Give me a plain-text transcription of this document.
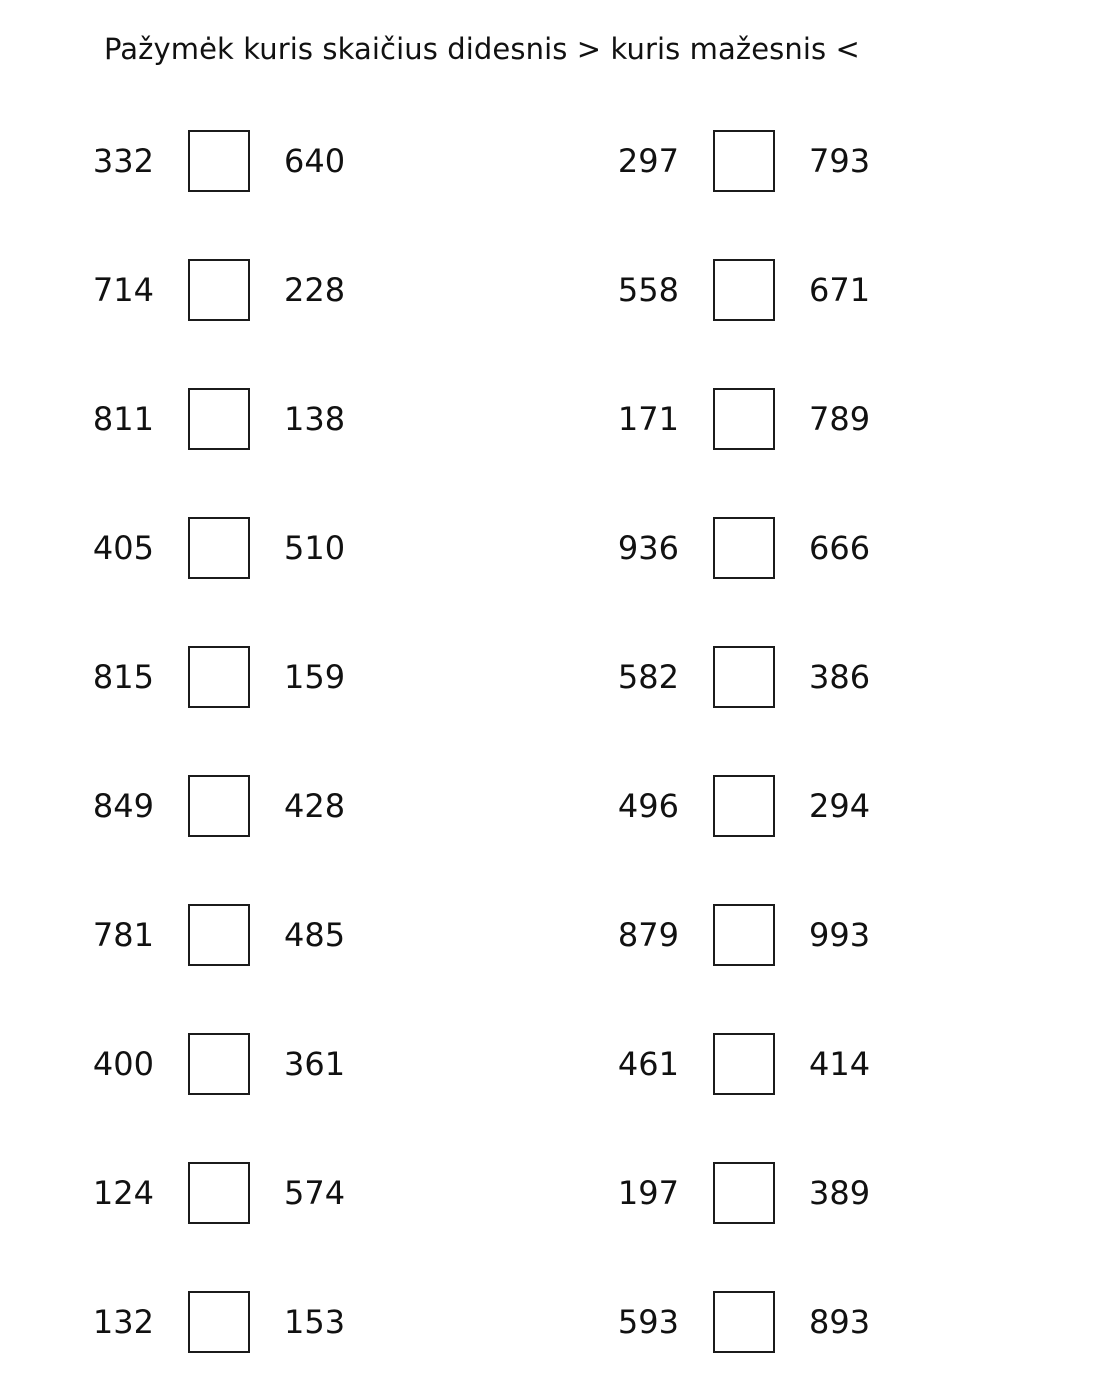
Pažymėk kuris skaičius didesnis > kuris mažesnis <
332	640	297	793
714	228	558	671
811	138	171	789
405	510	936	666
815	159	582	386
849	428	496	294
781	485	879	993
400	361	461	414
124	574	197	389
132	153	593	893
